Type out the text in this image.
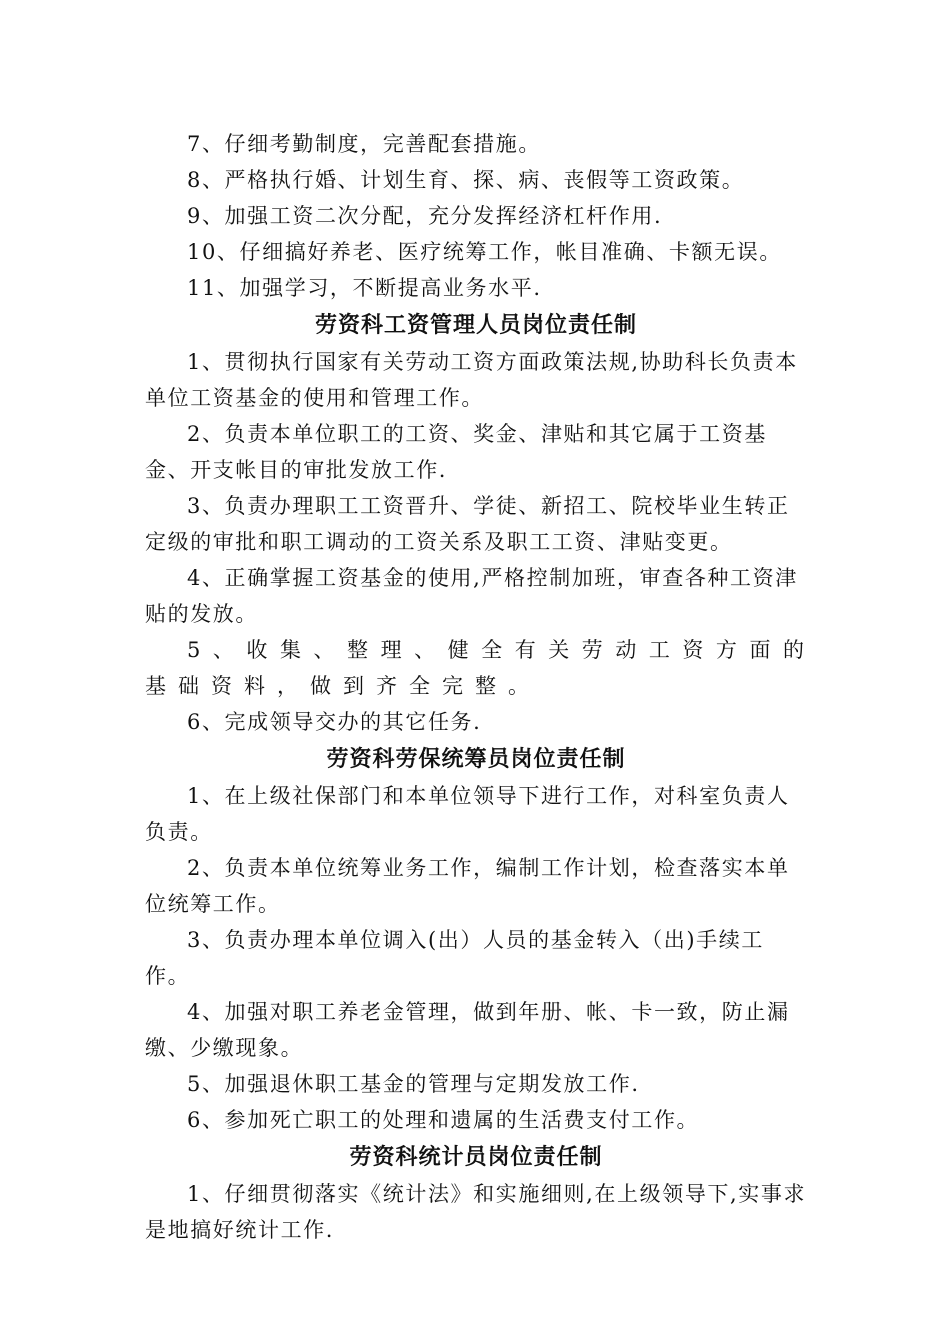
7、仔细考勤制度，完善配套措施。

8、严格执行婚、计划生育、探、病、丧假等工资政策。

9、加强工资二次分配，充分发挥经济杠杆作用.

10、仔细搞好养老、医疗统筹工作，帐目准确、卡额无误。

11、加强学习，不断提高业务水平.

劳资科工资管理人员岗位责任制

1、贯彻执行国家有关劳动工资方面政策法规,协助科长负责本单位工资基金的使用和管理工作。

2、负责本单位职工的工资、奖金、津贴和其它属于工资基金、开支帐目的审批发放工作.

3、负责办理职工工资晋升、学徒、新招工、院校毕业生转正定级的审批和职工调动的工资关系及职工工资、津贴变更。

4、正确掌握工资基金的使用,严格控制加班，审查各种工资津贴的发放。

5、收集、整理、健全有关劳动工资方面的

基础资料，做到齐全完整。

6、完成领导交办的其它任务.

劳资科劳保统筹员岗位责任制

1、在上级社保部门和本单位领导下进行工作，对科室负责人负责。

2、负责本单位统筹业务工作，编制工作计划，检查落实本单位统筹工作。

3、负责办理本单位调入(出）人员的基金转入（出)手续工作。

4、加强对职工养老金管理，做到年册、帐、卡一致，防止漏缴、少缴现象。

5、加强退休职工基金的管理与定期发放工作.

6、参加死亡职工的处理和遗属的生活费支付工作。

劳资科统计员岗位责任制

1、仔细贯彻落实《统计法》和实施细则,在上级领导下,实事求是地搞好统计工作.
